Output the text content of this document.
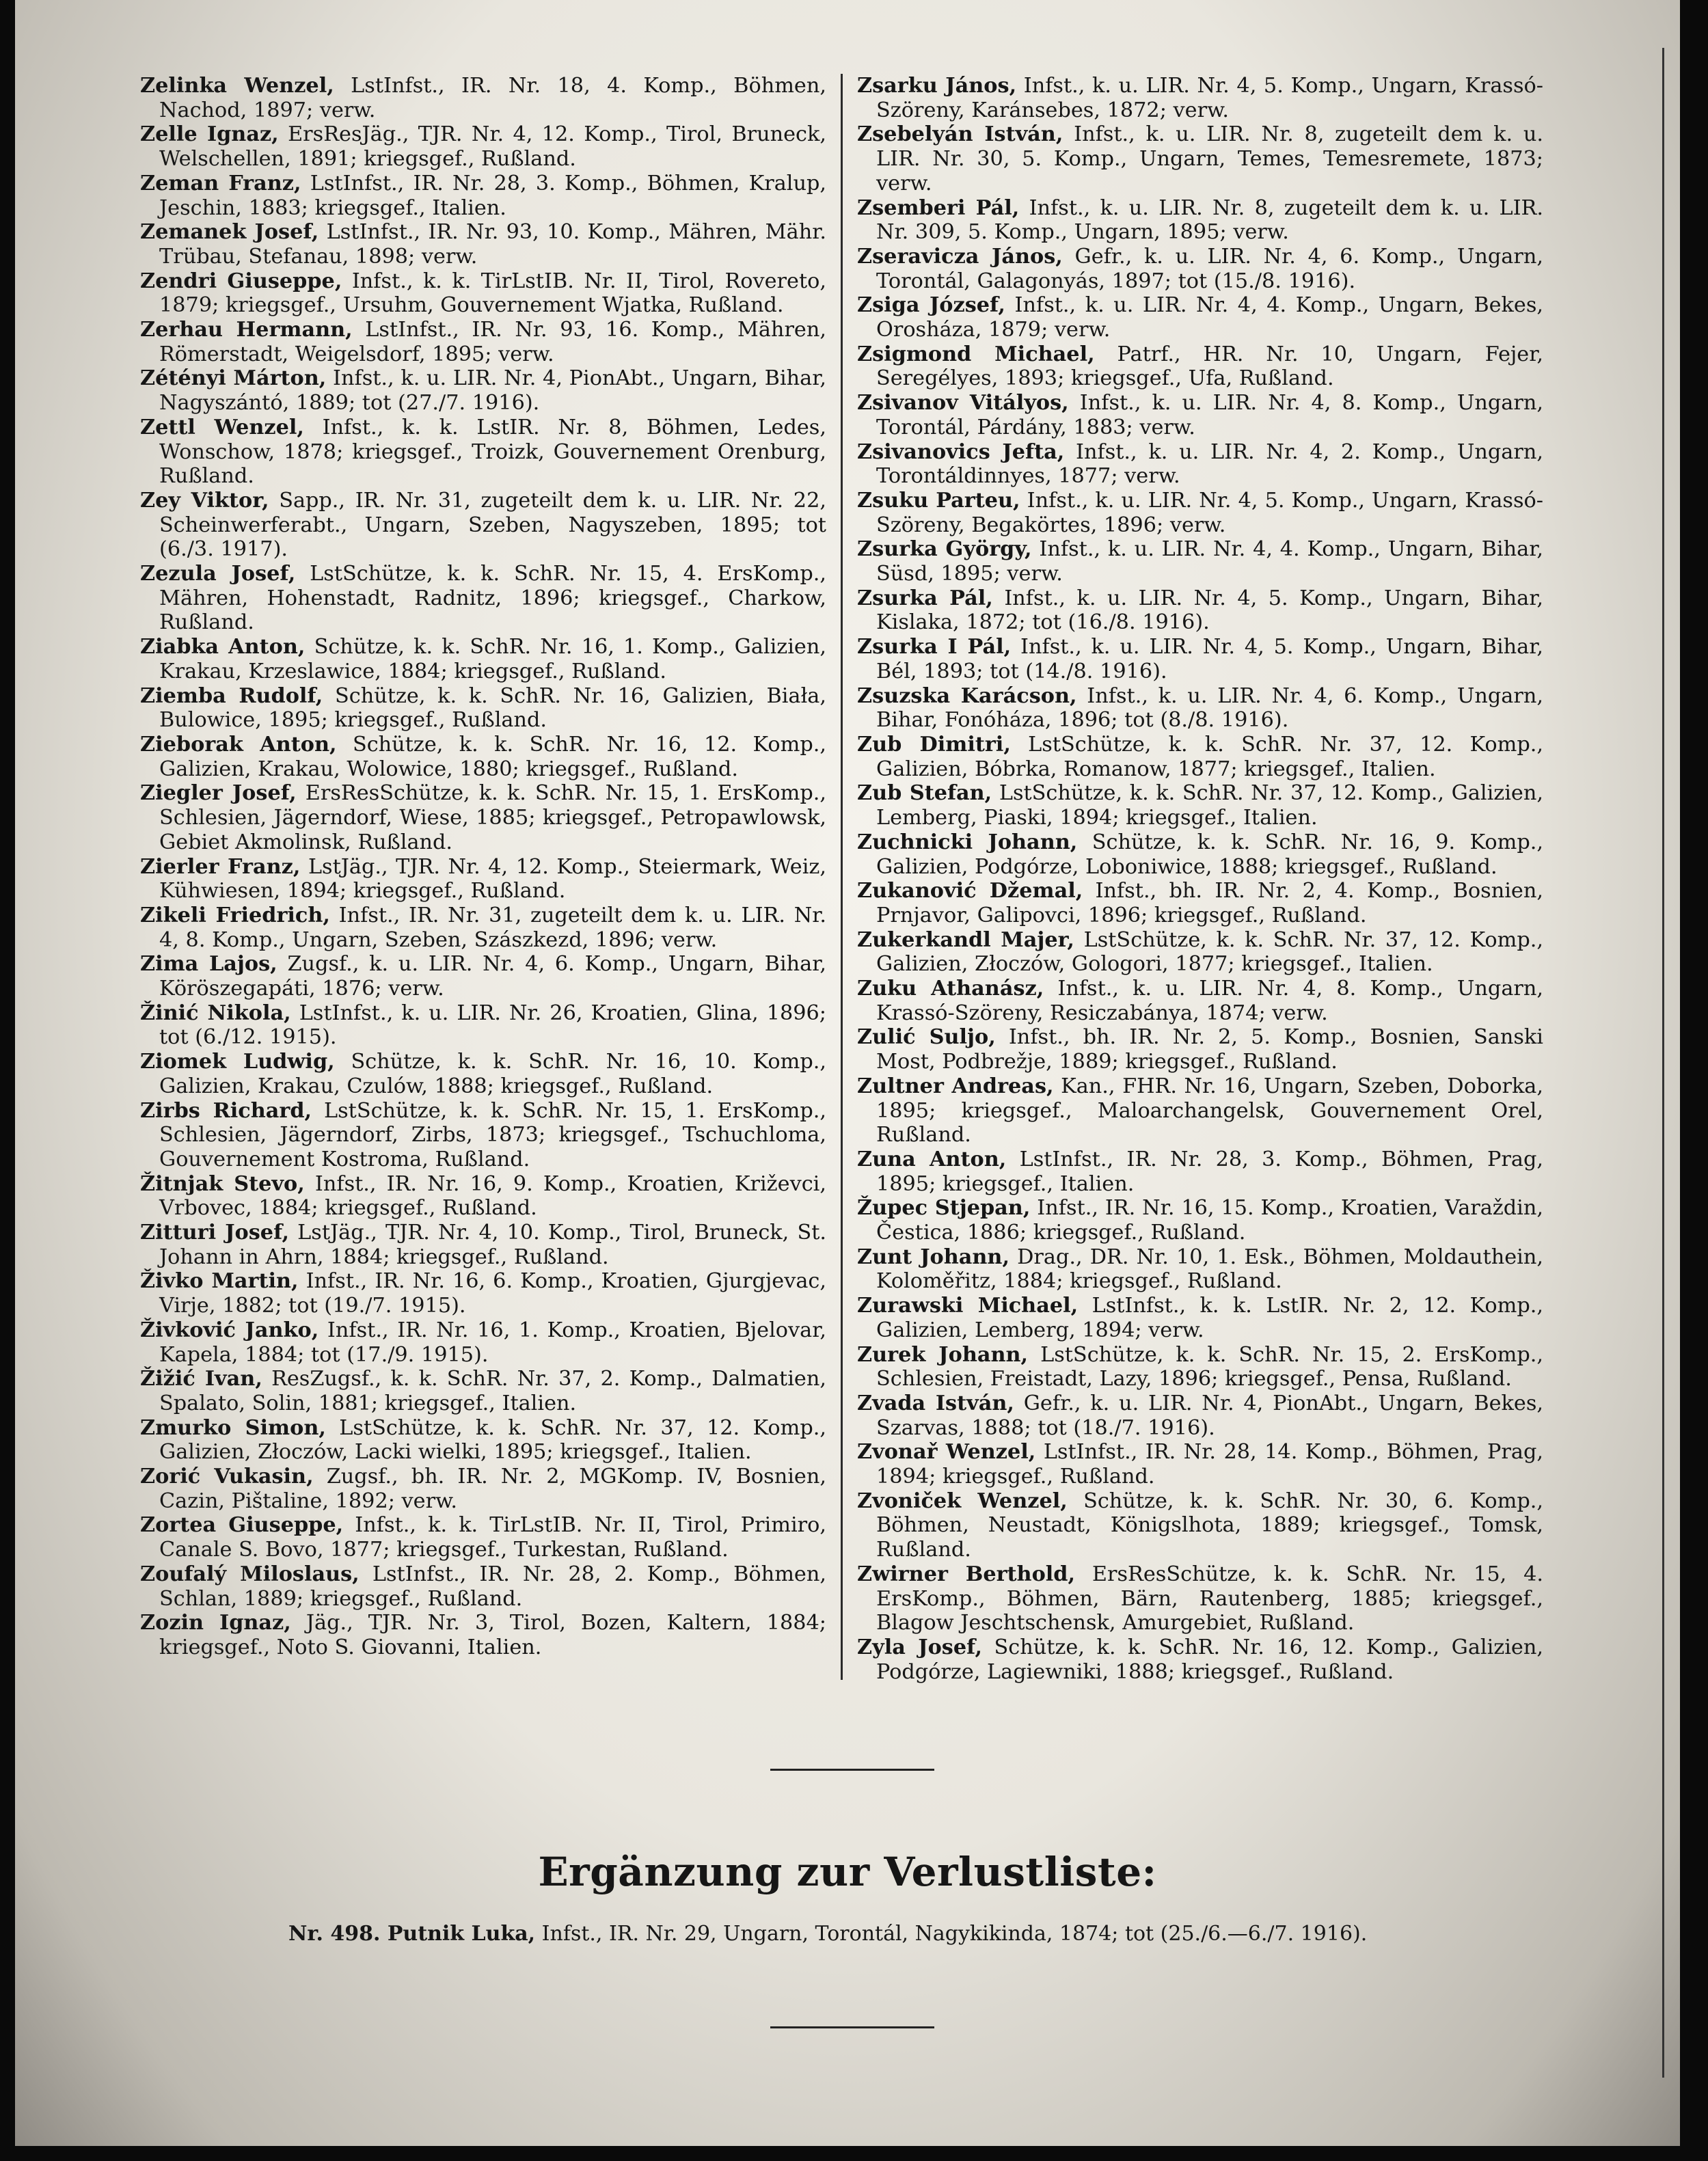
Zelinka Wenzel, LstInfst., IR. Nr. 18, 4. Komp., Böhmen, Nachod, 1897; verw.

Zelle Ignaz, ErsResJäg., TJR. Nr. 4, 12. Komp., Tirol, Bruneck, Welschellen, 1891; kriegsgef., Rußland.

Zeman Franz, LstInfst., IR. Nr. 28, 3. Komp., Böhmen, Kralup, Jeschin, 1883; kriegsgef., Italien.

Zemanek Josef, LstInfst., IR. Nr. 93, 10. Komp., Mähren, Mähr. Trübau, Stefanau, 1898; verw.

Zendri Giuseppe, Infst., k. k. TirLstIB. Nr. II, Tirol, Rovereto, 1879; kriegsgef., Ursuhm, Gouvernement Wjatka, Rußland.

Zerhau Hermann, LstInfst., IR. Nr. 93, 16. Komp., Mähren, Römerstadt, Weigelsdorf, 1895; verw.

Zétényi Márton, Infst., k. u. LIR. Nr. 4, PionAbt., Ungarn, Bihar, Nagyszántó, 1889; tot (27./7. 1916).

Zettl Wenzel, Infst., k. k. LstIR. Nr. 8, Böhmen, Ledes, Wonschow, 1878; kriegsgef., Troizk, Gouvernement Orenburg, Rußland.

Zey Viktor, Sapp., IR. Nr. 31, zugeteilt dem k. u. LIR. Nr. 22, Scheinwerferabt., Ungarn, Szeben, Nagyszeben, 1895; tot (6./3. 1917).

Zezula Josef, LstSchütze, k. k. SchR. Nr. 15, 4. ErsKomp., Mähren, Hohenstadt, Radnitz, 1896; kriegsgef., Charkow, Rußland.

Ziabka Anton, Schütze, k. k. SchR. Nr. 16, 1. Komp., Galizien, Krakau, Krzeslawice, 1884; kriegsgef., Rußland.

Ziemba Rudolf, Schütze, k. k. SchR. Nr. 16, Galizien, Biała, Bulowice, 1895; kriegsgef., Rußland.

Zieborak Anton, Schütze, k. k. SchR. Nr. 16, 12. Komp., Galizien, Krakau, Wolowice, 1880; kriegsgef., Rußland.

Ziegler Josef, ErsResSchütze, k. k. SchR. Nr. 15, 1. ErsKomp., Schlesien, Jägerndorf, Wiese, 1885; kriegsgef., Petropawlowsk, Gebiet Akmolinsk, Rußland.

Zierler Franz, LstJäg., TJR. Nr. 4, 12. Komp., Steiermark, Weiz, Kühwiesen, 1894; kriegsgef., Rußland.

Zikeli Friedrich, Infst., IR. Nr. 31, zugeteilt dem k. u. LIR. Nr. 4, 8. Komp., Ungarn, Szeben, Szászkezd, 1896; verw.

Zima Lajos, Zugsf., k. u. LIR. Nr. 4, 6. Komp., Ungarn, Bihar, Köröszegapáti, 1876; verw.

Žinić Nikola, LstInfst., k. u. LIR. Nr. 26, Kroatien, Glina, 1896; tot (6./12. 1915).

Ziomek Ludwig, Schütze, k. k. SchR. Nr. 16, 10. Komp., Galizien, Krakau, Czulów, 1888; kriegsgef., Rußland.

Zirbs Richard, LstSchütze, k. k. SchR. Nr. 15, 1. ErsKomp., Schlesien, Jägerndorf, Zirbs, 1873; kriegsgef., Tschuchloma, Gouvernement Kostroma, Rußland.

Žitnjak Stevo, Infst., IR. Nr. 16, 9. Komp., Kroatien, Križevci, Vrbovec, 1884; kriegsgef., Rußland.

Zitturi Josef, LstJäg., TJR. Nr. 4, 10. Komp., Tirol, Bruneck, St. Johann in Ahrn, 1884; kriegsgef., Rußland.

Živko Martin, Infst., IR. Nr. 16, 6. Komp., Kroatien, Gjurgjevac, Virje, 1882; tot (19./7. 1915).

Živković Janko, Infst., IR. Nr. 16, 1. Komp., Kroatien, Bjelovar, Kapela, 1884; tot (17./9. 1915).

Žižić Ivan, ResZugsf., k. k. SchR. Nr. 37, 2. Komp., Dalmatien, Spalato, Solin, 1881; kriegsgef., Italien.

Zmurko Simon, LstSchütze, k. k. SchR. Nr. 37, 12. Komp., Galizien, Złoczów, Lacki wielki, 1895; kriegsgef., Italien.

Zorić Vukasin, Zugsf., bh. IR. Nr. 2, MGKomp. IV, Bosnien, Cazin, Pištaline, 1892; verw.

Zortea Giuseppe, Infst., k. k. TirLstIB. Nr. II, Tirol, Primiro, Canale S. Bovo, 1877; kriegsgef., Turkestan, Rußland.

Zoufalý Miloslaus, LstInfst., IR. Nr. 28, 2. Komp., Böhmen, Schlan, 1889; kriegsgef., Rußland.

Zozin Ignaz, Jäg., TJR. Nr. 3, Tirol, Bozen, Kaltern, 1884; kriegsgef., Noto S. Giovanni, Italien.

Zsarku János, Infst., k. u. LIR. Nr. 4, 5. Komp., Ungarn, Krassó-Szöreny, Karánsebes, 1872; verw.

Zsebelyán István, Infst., k. u. LIR. Nr. 8, zugeteilt dem k. u. LIR. Nr. 30, 5. Komp., Ungarn, Temes, Temesremete, 1873; verw.

Zsemberi Pál, Infst., k. u. LIR. Nr. 8, zugeteilt dem k. u. LIR. Nr. 309, 5. Komp., Ungarn, 1895; verw.

Zseravicza János, Gefr., k. u. LIR. Nr. 4, 6. Komp., Ungarn, Torontál, Galagonyás, 1897; tot (15./8. 1916).

Zsiga József, Infst., k. u. LIR. Nr. 4, 4. Komp., Ungarn, Bekes, Orosháza, 1879; verw.

Zsigmond Michael, Patrf., HR. Nr. 10, Ungarn, Fejer, Seregélyes, 1893; kriegsgef., Ufa, Rußland.

Zsivanov Vitályos, Infst., k. u. LIR. Nr. 4, 8. Komp., Ungarn, Torontál, Párdány, 1883; verw.

Zsivanovics Jefta, Infst., k. u. LIR. Nr. 4, 2. Komp., Ungarn, Torontáldinnyes, 1877; verw.

Zsuku Parteu, Infst., k. u. LIR. Nr. 4, 5. Komp., Ungarn, Krassó-Szöreny, Begakörtes, 1896; verw.

Zsurka György, Infst., k. u. LIR. Nr. 4, 4. Komp., Ungarn, Bihar, Süsd, 1895; verw.

Zsurka Pál, Infst., k. u. LIR. Nr. 4, 5. Komp., Ungarn, Bihar, Kislaka, 1872; tot (16./8. 1916).

Zsurka I Pál, Infst., k. u. LIR. Nr. 4, 5. Komp., Ungarn, Bihar, Bél, 1893; tot (14./8. 1916).

Zsuzska Karácson, Infst., k. u. LIR. Nr. 4, 6. Komp., Ungarn, Bihar, Fonóháza, 1896; tot (8./8. 1916).

Zub Dimitri, LstSchütze, k. k. SchR. Nr. 37, 12. Komp., Galizien, Bóbrka, Romanow, 1877; kriegsgef., Italien.

Zub Stefan, LstSchütze, k. k. SchR. Nr. 37, 12. Komp., Galizien, Lemberg, Piaski, 1894; kriegsgef., Italien.

Zuchnicki Johann, Schütze, k. k. SchR. Nr. 16, 9. Komp., Galizien, Podgórze, Loboniwice, 1888; kriegsgef., Rußland.

Zukanović Džemal, Infst., bh. IR. Nr. 2, 4. Komp., Bosnien, Prnjavor, Galipovci, 1896; kriegsgef., Rußland.

Zukerkandl Majer, LstSchütze, k. k. SchR. Nr. 37, 12. Komp., Galizien, Złoczów, Gologori, 1877; kriegsgef., Italien.

Zuku Athanász, Infst., k. u. LIR. Nr. 4, 8. Komp., Ungarn, Krassó-Szöreny, Resiczabánya, 1874; verw.

Zulić Suljo, Infst., bh. IR. Nr. 2, 5. Komp., Bosnien, Sanski Most, Podbrežje, 1889; kriegsgef., Rußland.

Zultner Andreas, Kan., FHR. Nr. 16, Ungarn, Szeben, Doborka, 1895; kriegsgef., Maloarchangelsk, Gouvernement Orel, Rußland.

Zuna Anton, LstInfst., IR. Nr. 28, 3. Komp., Böhmen, Prag, 1895; kriegsgef., Italien.

Župec Stjepan, Infst., IR. Nr. 16, 15. Komp., Kroatien, Varaždin, Čestica, 1886; kriegsgef., Rußland.

Zunt Johann, Drag., DR. Nr. 10, 1. Esk., Böhmen, Moldauthein, Koloměřitz, 1884; kriegsgef., Rußland.

Zurawski Michael, LstInfst., k. k. LstIR. Nr. 2, 12. Komp., Galizien, Lemberg, 1894; verw.

Zurek Johann, LstSchütze, k. k. SchR. Nr. 15, 2. ErsKomp., Schlesien, Freistadt, Lazy, 1896; kriegsgef., Pensa, Rußland.

Zvada István, Gefr., k. u. LIR. Nr. 4, PionAbt., Ungarn, Bekes, Szarvas, 1888; tot (18./7. 1916).

Zvonař Wenzel, LstInfst., IR. Nr. 28, 14. Komp., Böhmen, Prag, 1894; kriegsgef., Rußland.

Zvoniček Wenzel, Schütze, k. k. SchR. Nr. 30, 6. Komp., Böhmen, Neustadt, Königslhota, 1889; kriegsgef., Tomsk, Rußland.

Zwirner Berthold, ErsResSchütze, k. k. SchR. Nr. 15, 4. ErsKomp., Böhmen, Bärn, Rautenberg, 1885; kriegsgef., Blagow Jeschtschensk, Amurgebiet, Rußland.

Zyla Josef, Schütze, k. k. SchR. Nr. 16, 12. Komp., Galizien, Podgórze, Lagiewniki, 1888; kriegsgef., Rußland.

Ergänzung zur Verlustliste:
Nr. 498. Putnik Luka, Infst., IR. Nr. 29, Ungarn, Torontál, Nagykikinda, 1874; tot (25./6.—6./7. 1916).
